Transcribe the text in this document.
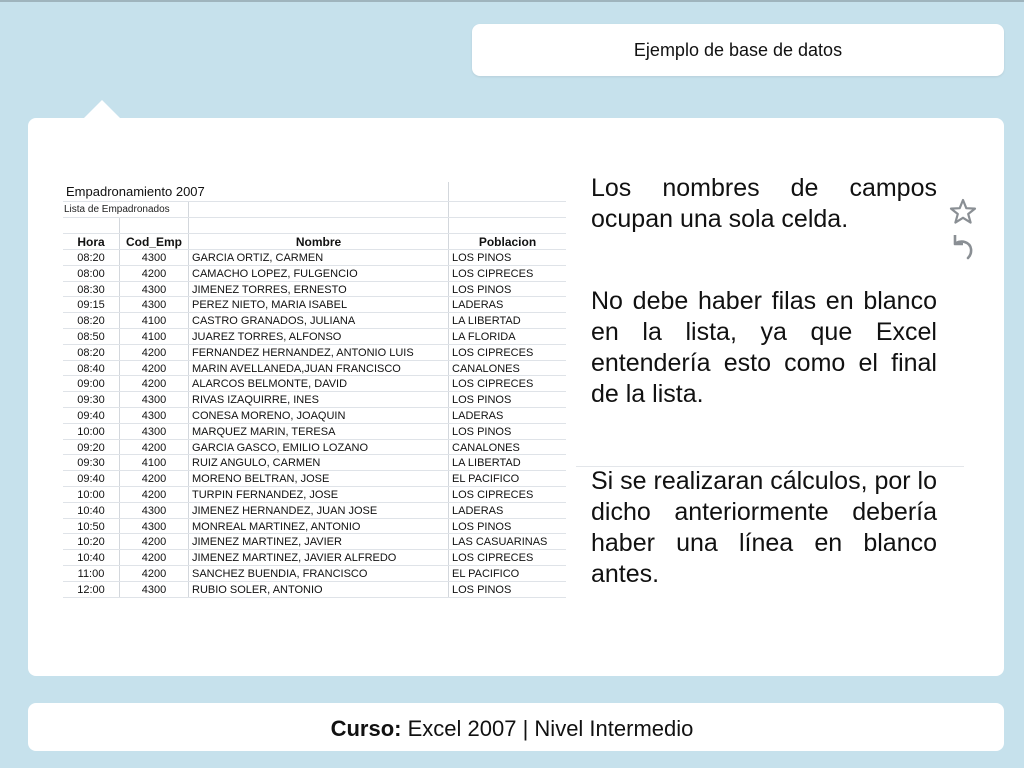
Ejemplo de base de datos
Empadronamiento 2007
Lista de Empadronados
Hora	Cod_Emp	Nombre	Poblacion
08:20	4300	GARCIA ORTIZ, CARMEN	LOS PINOS
08:00	4200	CAMACHO LOPEZ, FULGENCIO	LOS CIPRECES
08:30	4300	JIMENEZ TORRES, ERNESTO	LOS PINOS
09:15	4300	PEREZ NIETO, MARIA ISABEL	LADERAS
08:20	4100	CASTRO GRANADOS, JULIANA	LA LIBERTAD
08:50	4100	JUAREZ TORRES, ALFONSO	LA FLORIDA
08:20	4200	FERNANDEZ HERNANDEZ, ANTONIO LUIS	LOS CIPRECES
08:40	4200	MARIN AVELLANEDA,JUAN FRANCISCO	CANALONES
09:00	4200	ALARCOS BELMONTE, DAVID	LOS CIPRECES
09:30	4300	RIVAS IZAQUIRRE, INES	LOS PINOS
09:40	4300	CONESA MORENO, JOAQUIN	LADERAS
10:00	4300	MARQUEZ MARIN, TERESA	LOS PINOS
09:20	4200	GARCIA GASCO, EMILIO LOZANO	CANALONES
09:30	4100	RUIZ ANGULO, CARMEN	LA LIBERTAD
09:40	4200	MORENO BELTRAN, JOSE	EL PACIFICO
10:00	4200	TURPIN FERNANDEZ, JOSE	LOS CIPRECES
10:40	4300	JIMENEZ HERNANDEZ, JUAN JOSE	LADERAS
10:50	4300	MONREAL MARTINEZ, ANTONIO	LOS PINOS
10:20	4200	JIMENEZ MARTINEZ, JAVIER	LAS CASUARINAS
10:40	4200	JIMENEZ MARTINEZ, JAVIER ALFREDO	LOS CIPRECES
11:00	4200	SANCHEZ BUENDIA, FRANCISCO	EL PACIFICO
12:00	4300	RUBIO SOLER, ANTONIO	LOS PINOS
Los nombres de campos ocupan una sola celda.
No debe haber filas en blanco en la lista, ya que Excel entendería esto como el final de la lista.
Si se realizaran cálculos, por lo dicho anteriormente debería haber una línea en blanco antes.
Curso: Excel 2007 | Nivel Intermedio
